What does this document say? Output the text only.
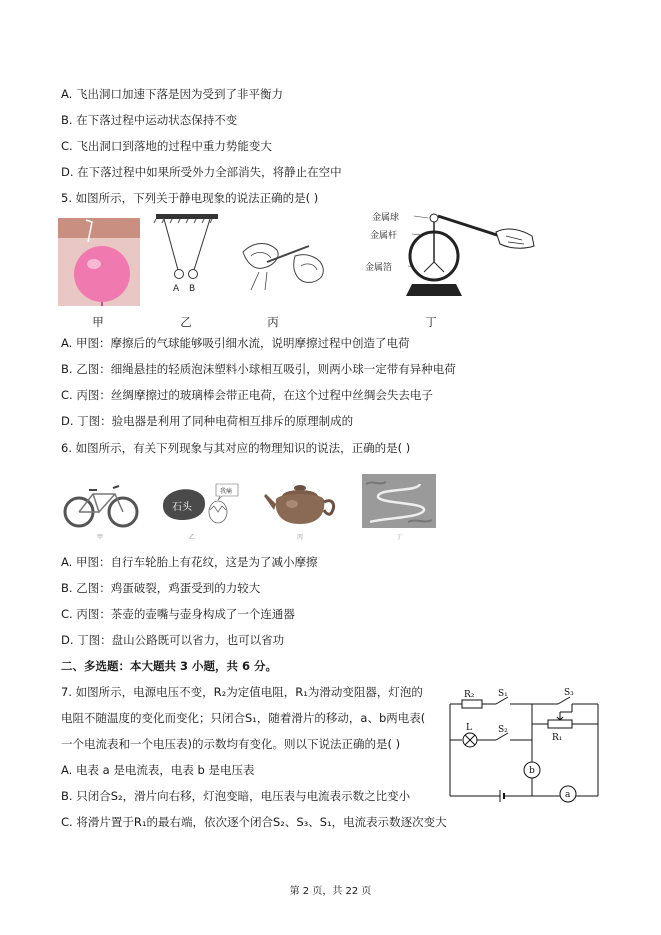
A. 飞出洞口加速下落是因为受到了非平衡力
B. 在下落过程中运动状态保持不变
C. 飞出洞口到落地的过程中重力势能变大
D. 在下落过程中如果所受外力全部消失，将静止在空中
5. 如图所示，下列关于静电现象的说法正确的是( )
甲
A B
乙	丙
金属球
金属杆
金属箔
丁
A. 甲图：摩擦后的气球能够吸引细水流，说明摩擦过程中创造了电荷
B. 乙图：细绳悬挂的轻质泡沫塑料小球相互吸引，则两小球一定带有异种电荷
C. 丙图：丝绸摩擦过的玻璃棒会带正电荷，在这个过程中丝绸会失去电子
D. 丁图：验电器是利用了同种电荷相互排斥的原理制成的
6. 如图所示，有关下列现象与其对应的物理知识的说法，正确的是( )
甲
石头
我痛
乙	丙	丁
A. 甲图：自行车轮胎上有花纹，这是为了减小摩擦
B. 乙图：鸡蛋破裂，鸡蛋受到的力较大
C. 丙图：茶壶的壶嘴与壶身构成了一个连通器
D. 丁图：盘山公路既可以省力，也可以省功
二、多选题：本大题共 3 小题，共 6 分。
7. 如图所示，电源电压不变，R₂为定值电阻，R₁为滑动变阻器，灯泡的
电阻不随温度的变化而变化；只闭合S₁，随着滑片的移动，a、b两电表(
一个电流表和一个电压表)的示数均有变化。则以下说法正确的是( )
A. 电表 a 是电流表，电表 b 是电压表
B. 只闭合S₂，滑片向右移，灯泡变暗，电压表与电流表示数之比变小
C. 将滑片置于R₁的最右端，依次逐个闭合S₂、S₃、S₁，电流表示数逐次变大
R₂	S₁	S₃
L	S₂
R₁
b
a
第 2 页，共 22 页
